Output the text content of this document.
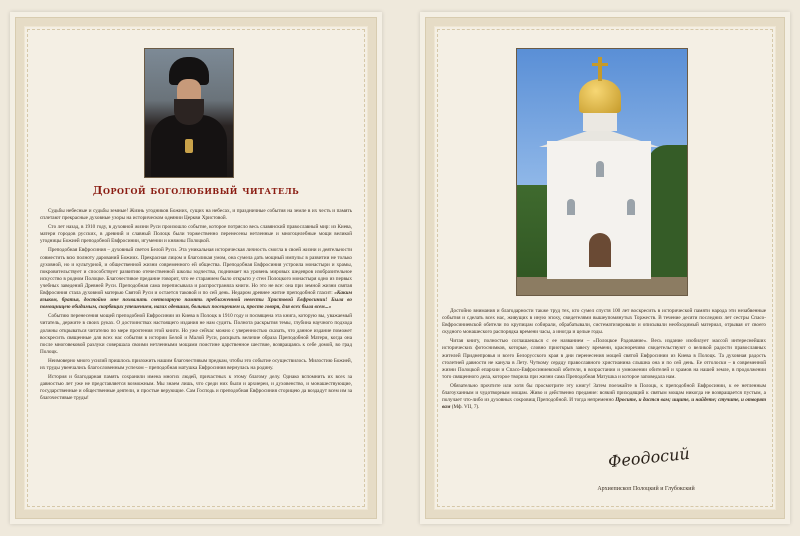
Дорогой боголюбивый читатель

Судьбы небесные и судьбы земные! Жизнь угодников Божиих, сущих на небесах, и праздничные события на земле в их честь и память сплетают прекрасные духовные узоры на историческом одеянии Церкви Христовой.

Сто лет назад, в 1910 году, в духовной жизни Руси произошло событие, которое потрясло весь славянский православный мир: из Киева, матери городов русских, в древний и славный Полоцк были торжественно перенесены нетленные и многоцелебные мощи великой угодницы Божией преподобной Евфросинии, игумении и княжны Полоцкой.

Преподобная Евфросиния – духовный светоч Белой Руси. Эта уникальная историческая личность смогла в своей жизни и деятельности совместить всю полноту дарований Божиих. Прекрасная лицом и благоликая умом, она сумела дать мощный импульс в развитии не только духовной, но и культурной, и общественной жизни современного ей общества. Преподобная Евфросиния устроила монастыри и храмы, покровительствует и способствует развитию отечественной школы зодчества, поднимает на уровень мировых шедевров изобразительное искусство в родном Полоцке. Благочестивое предание говорит, что ее старанием было открыто у стен Полоцкого монастыря одно из первых учебных заведений Древней Руси. Преподобная сама переписывала и распространяла книги. Но это не все: она при земной жизни святая Евфросиния стала духовной матерью Святой Руси и остается таковой и по сей день. Недаром древнее житие преподобной гласит: «Каким языком, братья, достойно мне похвалить светозарную память преблаженной невесты Христовой Евфросинии! Была во помощницею обидимым, скорбящих утешением, нагих одевшим, больных посещением и, просто говоря, для всех была всем...»

Событию перенесения мощей преподобной Евфросинии из Киева в Полоцк в 1910 году и посвящена эта книга, которую вы, уважаемый читатель, держите в своих руках. О достоинствах настоящего издания не нам судить. Полнота раскрытия темы, глубина научного подхода должны открываться читателю по мере прочтения этой книги. Но уже сейчас можно с уверенностью сказать, что данное издание поможет воскресить священные для всех нас события в истории Белой и Малой Руси, раскрыть величие образа Преподобной Матери, когда она после многовековой разлуки совершала своими нетленными мощами поистине царственное шествие, возвращаясь к себе домой, во град Полоцк.

Неимоверно много усилий пришлось приложить нашим благочестивым предкам, чтобы это событие осуществилось. Милостию Божией, их труды увенчались благословенным успехом – преподобная матушка Евфросиния вернулась на родину.

История и благодарная память сохранили имена многих людей, причастных к этому благому делу. Однако вспомнить их всех за давностью лет уже не представляется возможным. Мы знаем лишь, что среди них были и архиереи, и духовенство, и монашествующие, государственные и общественные деятели, и простые верующие. Сам Господь и преподобная Евфросиния сторицею да воздадут всем им за благочестивые труды!

Достойно внимания и благодарности также труд тех, кто сумел спустя 100 лет воскресить в исторической памяти народа эти незабвенные события и сделать всех нас, живущих в иную эпоху, свидетелями вышеупомянутых Торжеств. В течение десяти последних лет сестры Спасо-Евфросиниевской обители по крупицам собирали, обрабатывали, систематизировали и описывали необходимый материал, отрывая от своего скудного монашеского распорядка времени часы, а иногда и целые годы.

Читая книгу, полностью соглашаешься с ее названием – «Полоцкое Радование». Весь издание изобилует массой интереснейших исторических фотоснимков, которые, словно приоткрыв завесу времени, красноречиво свидетельствуют о великой радости православных жителей Приднепровья и всего Белорусского края в дни перенесения мощей святой Евфросинии из Киева в Полоцк. Та духовная радость столетней давности не канула в Лету. Чуткому сердцу православного христианина слышна она и по сей день. Ее отголоски – в современной жизни Полоцкой епархии и Спасо-Евфросиниевской обители, в возрастании и умножении обителей и храмов на нашей земле, в продолжении того священного дела, которое творила при жизни сама Преподобная Матушка и которое заповедала нам.

Обязательно прочтите или хотя бы просмотрите эту книгу! Затем поезжайте в Полоцк, к преподобной Евфросинии, к ее нетленным благоуханным и чудотворным мощам. Живо и действенно предание: всякий приходящий к святым мощам никогда не возвращается пустым, а получает что-либо из духовных сокровищ Преподобной. И тогда непременно Просите, и дастся вам; ищите, и найдете; стучите, и отворят вам (Мф. VII, 7).

Феодосий
Архиепископ Полоцкий и Глубокский
